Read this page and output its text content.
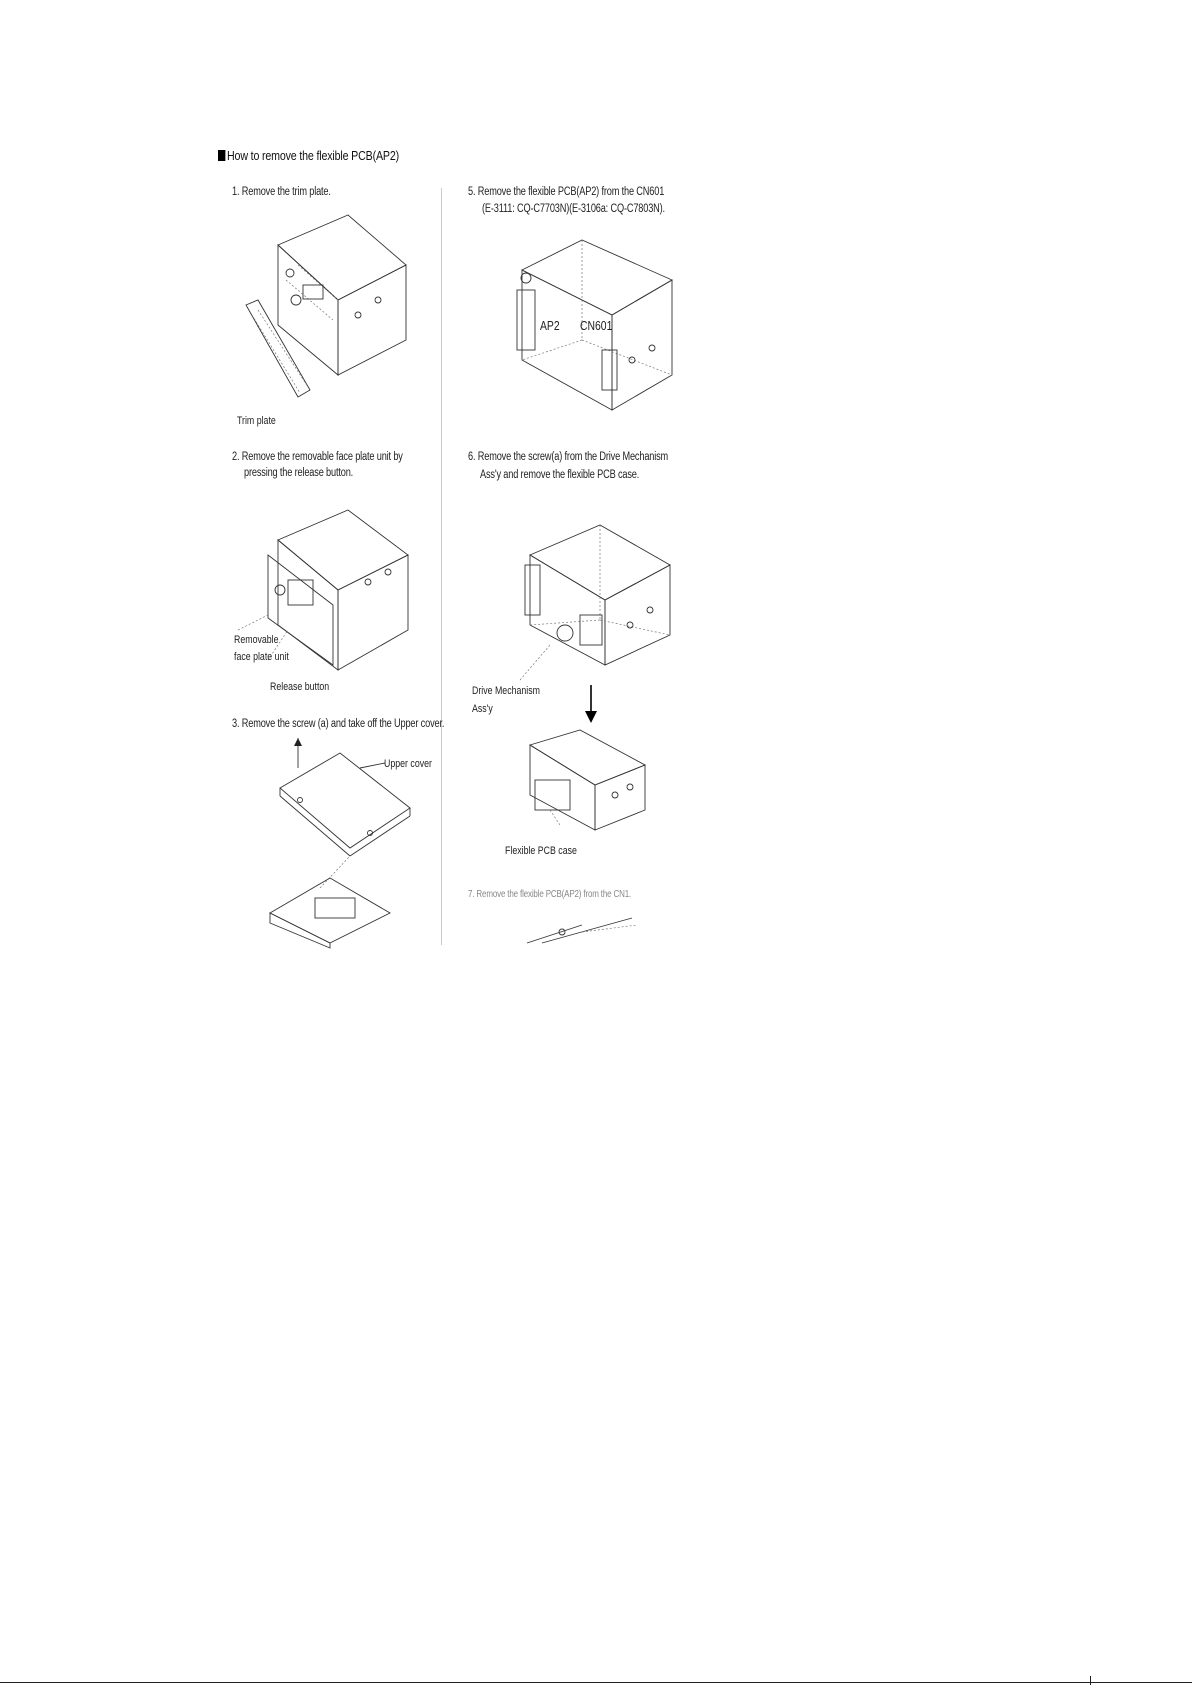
How to remove the flexible PCB(AP2)
1. Remove the trim plate.
Trim plate
2. Remove the removable face plate unit by
pressing the release button.
Removable
face plate unit
Release button
3. Remove the screw (a) and take off the Upper cover.
Upper cover
5. Remove the flexible PCB(AP2) from the CN601
(E-3111: CQ-C7703N)(E-3106a: CQ-C7803N).
AP2 CN601
6. Remove the screw(a) from the Drive Mechanism
Ass'y and remove the flexible PCB case.
Drive Mechanism
Ass'y
Flexible PCB case
7. Remove the flexible PCB(AP2) from the CN1.
